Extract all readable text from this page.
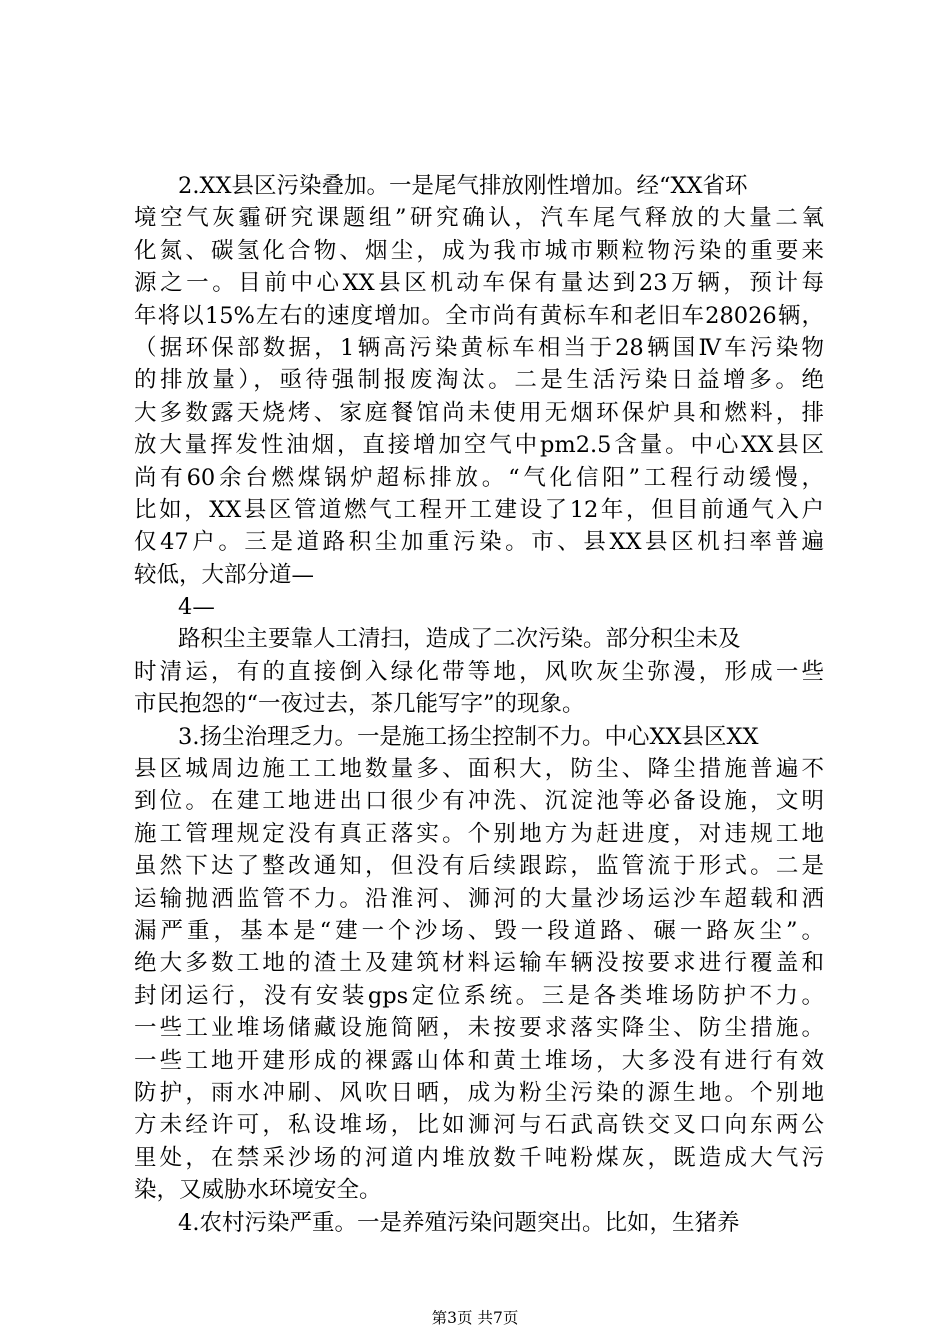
2.XX县区污染叠加。一是尾气排放刚性增加。经“XX省环
境空气灰霾研究课题组”研究确认，汽车尾气释放的大量二氧
化氮、碳氢化合物、烟尘，成为我市城市颗粒物污染的重要来
源之一。目前中心XX县区机动车保有量达到23万辆，预计每
年将以15%左右的速度增加。全市尚有黄标车和老旧车28026辆，
（据环保部数据，1辆高污染黄标车相当于28辆国Ⅳ车污染物
的排放量），亟待强制报废淘汰。二是生活污染日益增多。绝
大多数露天烧烤、家庭餐馆尚未使用无烟环保炉具和燃料，排
放大量挥发性油烟，直接增加空气中pm2.5含量。中心XX县区
尚有60余台燃煤锅炉超标排放。“气化信阳”工程行动缓慢，
比如，XX县区管道燃气工程开工建设了12年，但目前通气入户
仅47户。三是道路积尘加重污染。市、县XX县区机扫率普遍
较低，大部分道—
4—
路积尘主要靠人工清扫，造成了二次污染。部分积尘未及
时清运，有的直接倒入绿化带等地，风吹灰尘弥漫，形成一些
市民抱怨的“一夜过去，茶几能写字”的现象。
3.扬尘治理乏力。一是施工扬尘控制不力。中心XX县区XX
县区城周边施工工地数量多、面积大，防尘、降尘措施普遍不
到位。在建工地进出口很少有冲洗、沉淀池等必备设施，文明
施工管理规定没有真正落实。个别地方为赶进度，对违规工地
虽然下达了整改通知，但没有后续跟踪，监管流于形式。二是
运输抛洒监管不力。沿淮河、浉河的大量沙场运沙车超载和洒
漏严重，基本是“建一个沙场、毁一段道路、碾一路灰尘”。
绝大多数工地的渣土及建筑材料运输车辆没按要求进行覆盖和
封闭运行，没有安装gps定位系统。三是各类堆场防护不力。
一些工业堆场储藏设施简陋，未按要求落实降尘、防尘措施。
一些工地开建形成的裸露山体和黄土堆场，大多没有进行有效
防护，雨水冲刷、风吹日晒，成为粉尘污染的源生地。个别地
方未经许可，私设堆场，比如浉河与石武高铁交叉口向东两公
里处，在禁采沙场的河道内堆放数千吨粉煤灰，既造成大气污
染，又威胁水环境安全。
4.农村污染严重。一是养殖污染问题突出。比如，生猪养
第3页 共7页
